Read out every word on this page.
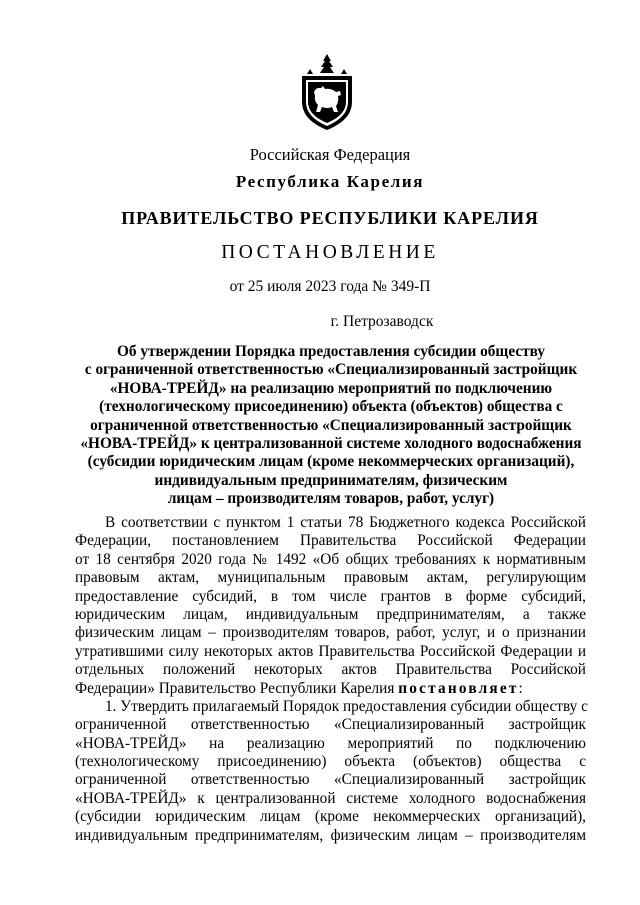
Российская Федерация
Республика Карелия
ПРАВИТЕЛЬСТВО РЕСПУБЛИКИ КАРЕЛИЯ
ПОСТАНОВЛЕНИЕ
от 25 июля 2023 года № 349-П
г. Петрозаводск
Об утверждении Порядка предоставления субсидии обществу
с ограниченной ответственностью «Специализированный застройщик
«НОВА-ТРЕЙД» на реализацию мероприятий по подключению
(технологическому присоединению) объекта (объектов) общества с
ограниченной ответственностью «Специализированный застройщик
«НОВА-ТРЕЙД» к централизованной системе холодного водоснабжения
(субсидии юридическим лицам (кроме некоммерческих организаций),
индивидуальным предпринимателям, физическим
лицам – производителям товаров, работ, услуг)
В соответствии с пунктом 1 статьи 78 Бюджетного кодекса Российской
Федерации, постановлением Правительства Российской Федерации
от 18 сентября 2020 года № 1492 «Об общих требованиях к нормативным
правовым актам, муниципальным правовым актам, регулирующим
предоставление субсидий, в том числе грантов в форме субсидий,
юридическим лицам, индивидуальным предпринимателям, а также
физическим лицам – производителям товаров, работ, услуг, и о признании
утратившими силу некоторых актов Правительства Российской Федерации и
отдельных положений некоторых актов Правительства Российской
Федерации» Правительство Республики Карелия постановляет:
1. Утвердить прилагаемый Порядок предоставления субсидии обществу с
ограниченной ответственностью «Специализированный застройщик
«НОВА-ТРЕЙД» на реализацию мероприятий по подключению
(технологическому присоединению) объекта (объектов) общества с
ограниченной ответственностью «Специализированный застройщик
«НОВА-ТРЕЙД» к централизованной системе холодного водоснабжения
(субсидии юридическим лицам (кроме некоммерческих организаций),
индивидуальным предпринимателям, физическим лицам – производителям
